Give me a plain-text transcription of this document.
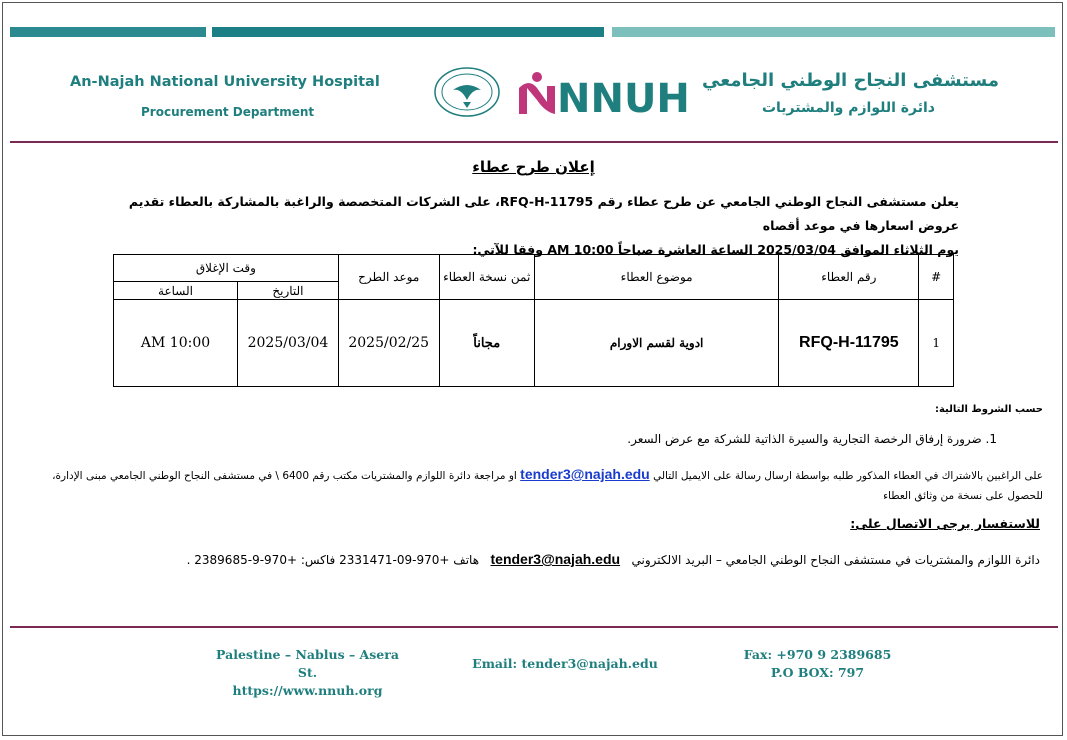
An-Najah National University Hospital
Procurement Department
مستشفى النجاح الوطني الجامعي
دائرة اللوازم والمشتريات
NNUH
إعلان طرح عطاء
يعلن مستشفى النجاح الوطني الجامعي عن طرح عطاء رقم RFQ-H-11795، على الشركات المتخصصة والراغبة بالمشاركة بالعطاء تقديم عروض اسعارها في موعد أقصاه
يوم الثلاثاء الموافق 2025/03/04 الساعة العاشرة صباحاً AM 10:00 وفقا للآتي:
#	رقم العطاء	موضوع العطاء	ثمن نسخة العطاء	موعد الطرح	وقت الإغلاق	
					التاريخ	الساعة
1	RFQ-H-11795	ادوية لقسم الاورام	مجاناً	2025/02/25	2025/03/04	AM 10:00
حسب الشروط التالية:
1. ضرورة إرفاق الرخصة التجارية والسيرة الذاتية للشركة مع عرض السعر.
على الراغبين بالاشتراك في العطاء المذكور طلبه بواسطة ارسال رسالة على الايميل التالي tender3@najah.edu او مراجعة دائرة اللوازم والمشتريات مكتب رقم 6400 \ في مستشفى النجاح الوطني الجامعي مبنى الإدارة، للحصول على نسخة من وثائق العطاء
للاستفسار يرجى الاتصال على:
دائرة اللوازم والمشتريات في مستشفى النجاح الوطني الجامعي – البريد الالكتروني   tender3@najah.edu   هاتف +970-09-2331471 فاكس: +970-9-2389685 .
Palestine – Nablus – Asera St.
https://www.nnuh.org
Email: tender3@najah.edu
Fax: +970 9 2389685
P.O BOX: 797
